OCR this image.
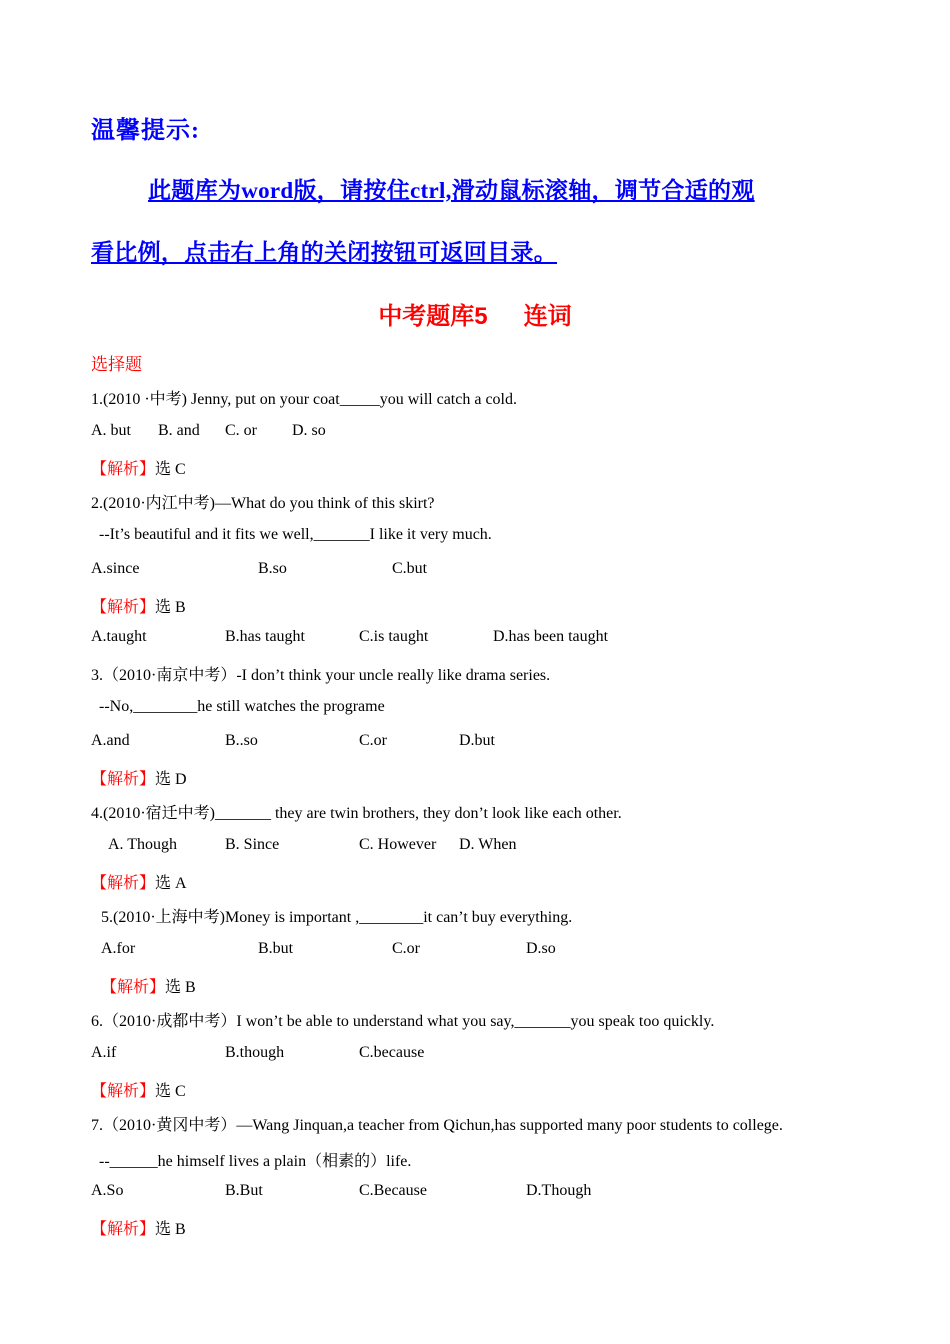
温馨提示:
此题库为word版，请按住ctrl,滑动鼠标滚轴，调节合适的观
看比例，点击右上角的关闭按钮可返回目录。
中考题库5 连词
选择题
1.(2010 ·中考) Jenny, put on your coat_____you will catch a cold.
A. but B. and C. or D. so
【解析】选 C
2.(2010·内江中考)—What do you think of this skirt?
--It’s beautiful and it fits we well,_______I like it very much.
A.since	B.so	C.but
【解析】选 B
A.taught	B.has taught	C.is taught	D.has been taught
3.（2010·南京中考）-I don’t think your uncle really like drama series.
--No,________he still watches the programe
A.and	B..so	C.or	D.but
【解析】选 D
4.(2010·宿迁中考)_______ they are twin brothers, they don’t look like each other.
A. Though	B. Since	C. However D. When
【解析】选 A
5.(2010·上海中考)Money is important ,________it can’t buy everything.
A.for	B.but	C.or	D.so
【解析】选 B
6.（2010·成都中考）I won’t be able to understand what you say,_______you speak too quickly.
A.if	B.though	C.because
【解析】选 C
7.（2010·黄冈中考）—Wang Jinquan,a teacher from Qichun,has supported many poor students to college.
--______he himself lives a plain（相素的）life.
A.So	B.But	C.Because	D.Though
【解析】选 B
